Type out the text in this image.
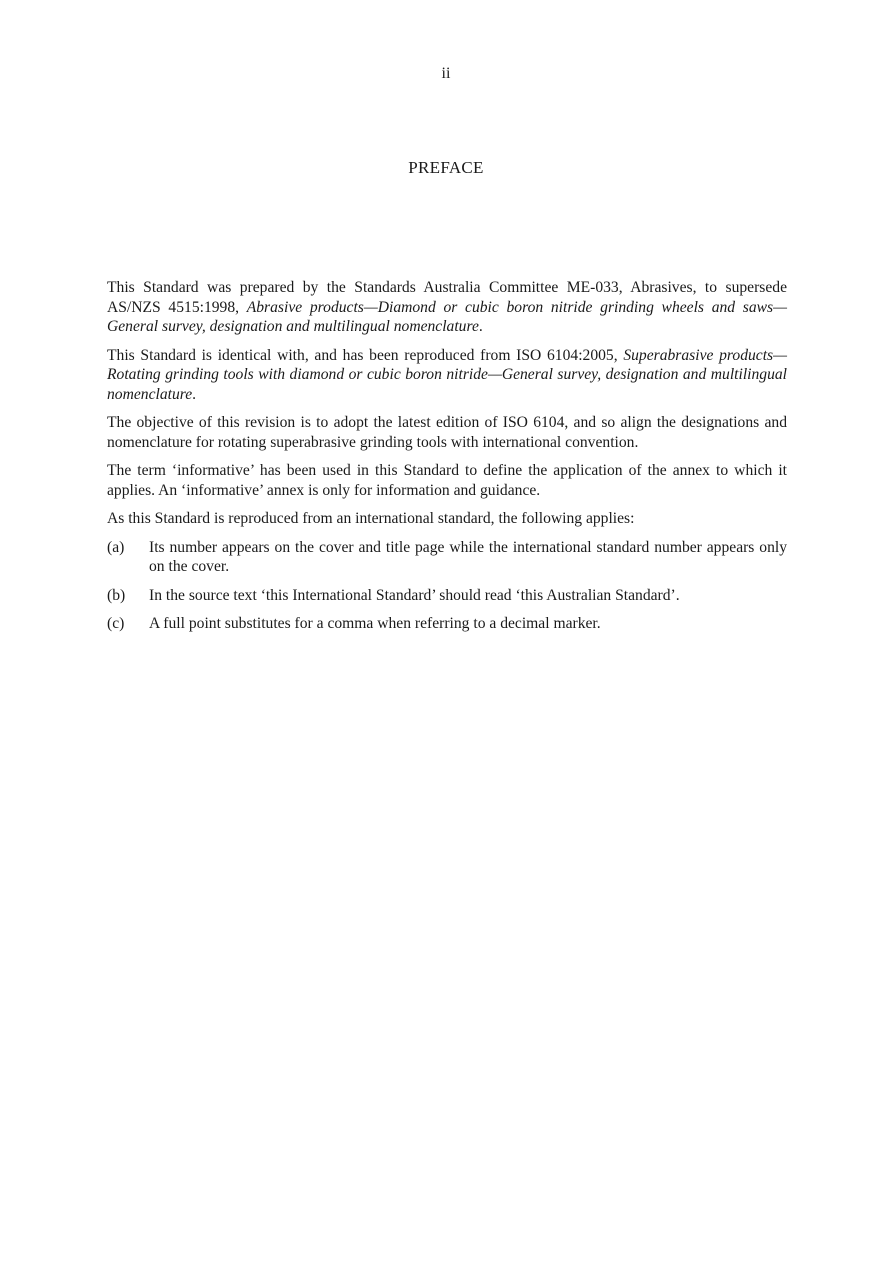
ii
PREFACE

This Standard was prepared by the Standards Australia Committee ME-033, Abrasives, to supersede AS/NZS 4515:1998, Abrasive products—Diamond or cubic boron nitride grinding wheels and saws—General survey, designation and multilingual nomenclature.

This Standard is identical with, and has been reproduced from ISO 6104:2005, Superabrasive products—Rotating grinding tools with diamond or cubic boron nitride—General survey, designation and multilingual nomenclature.

The objective of this revision is to adopt the latest edition of ISO 6104, and so align the designations and nomenclature for rotating superabrasive grinding tools with international convention.

The term ‘informative’ has been used in this Standard to define the application of the annex to which it applies. An ‘informative’ annex is only for information and guidance.

As this Standard is reproduced from an international standard, the following applies:

(a)	Its number appears on the cover and title page while the international standard number appears only on the cover.
(b)	In the source text ‘this International Standard’ should read ‘this Australian Standard’.
(c)	A full point substitutes for a comma when referring to a decimal marker.
